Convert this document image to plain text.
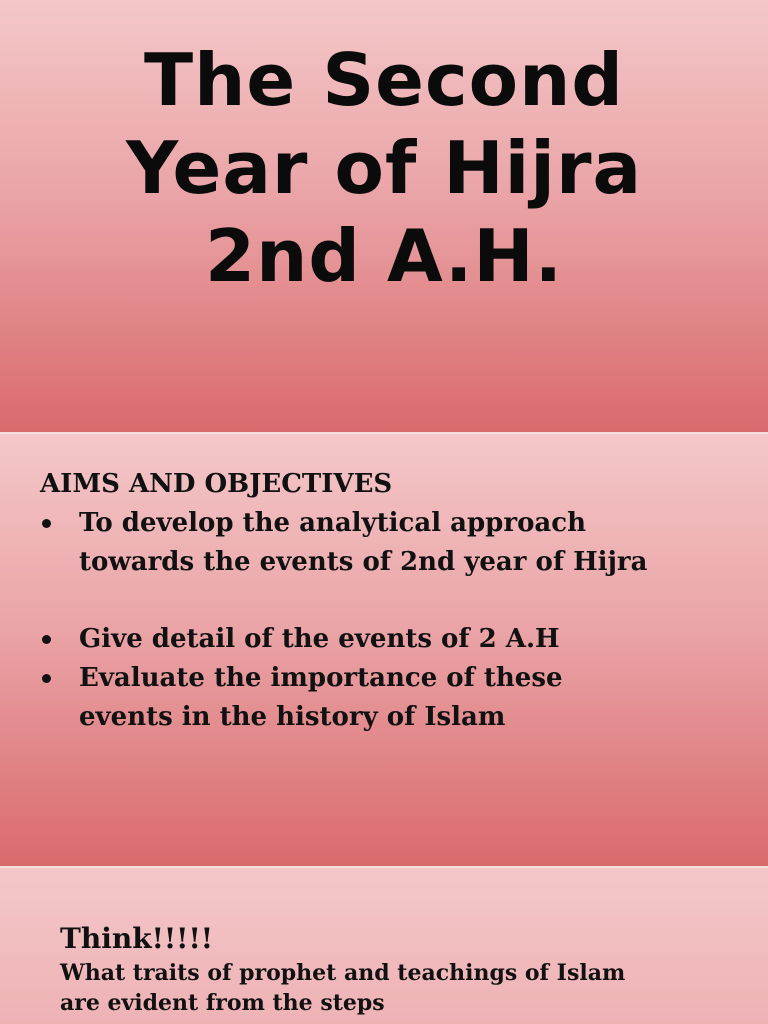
The Second
Year of Hijra
2nd A.H.
AIMS AND OBJECTIVES
To develop the analytical approach
towards the events of 2nd year of Hijra
Give detail of the events of 2 A.H
Evaluate the importance of these
events in the history of Islam
Think!!!!!
What traits of prophet and teachings of Islam
are evident from the steps
